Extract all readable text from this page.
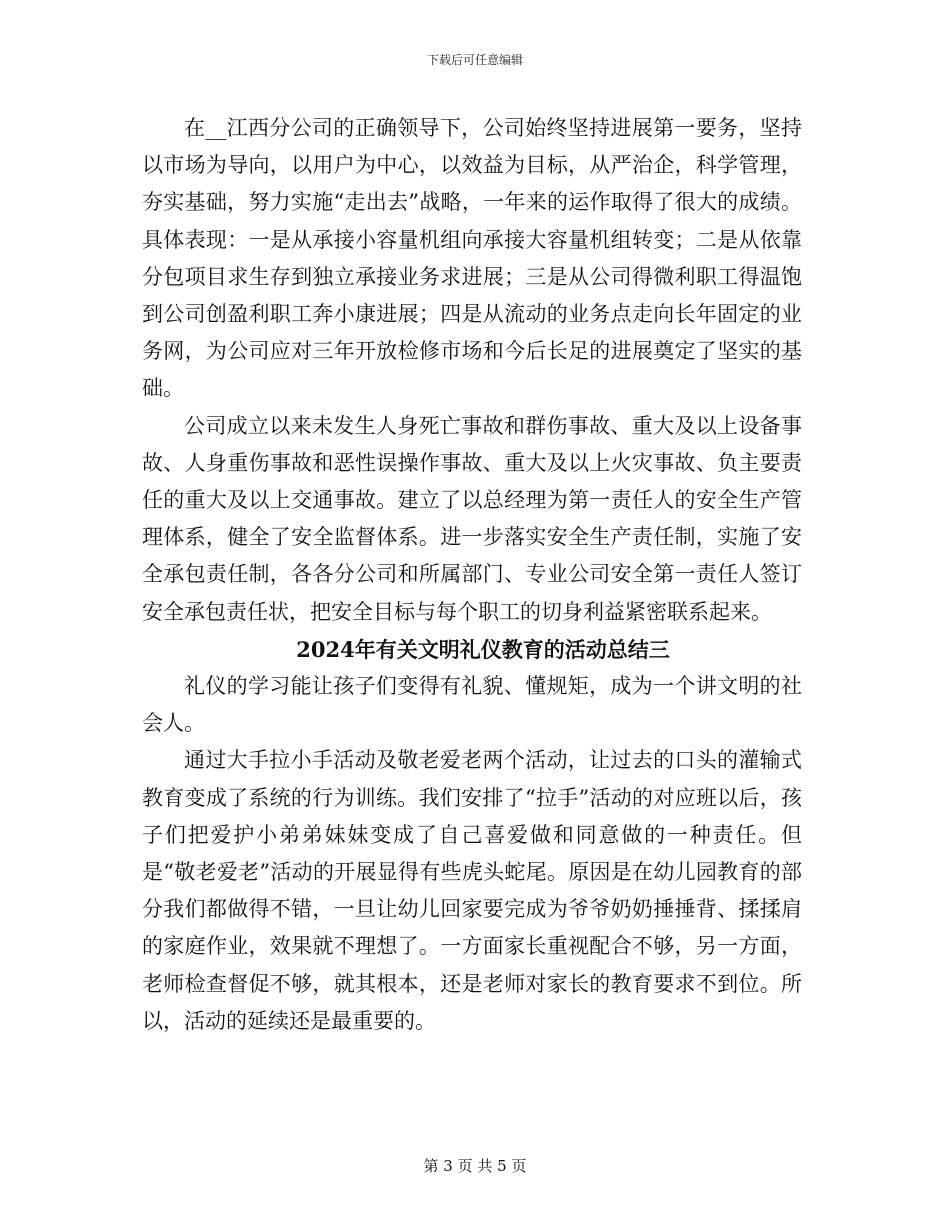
下载后可任意编辑

在__江西分公司的正确领导下，公司始终坚持进展第一要务，坚持以市场为导向，以用户为中心，以效益为目标，从严治企，科学管理，夯实基础，努力实施“走出去”战略，一年来的运作取得了很大的成绩。具体表现：一是从承接小容量机组向承接大容量机组转变；二是从依靠分包项目求生存到独立承接业务求进展；三是从公司得微利职工得温饱到公司创盈利职工奔小康进展；四是从流动的业务点走向长年固定的业务网，为公司应对三年开放检修市场和今后长足的进展奠定了坚实的基础。

公司成立以来未发生人身死亡事故和群伤事故、重大及以上设备事故、人身重伤事故和恶性误操作事故、重大及以上火灾事故、负主要责任的重大及以上交通事故。建立了以总经理为第一责任人的安全生产管理体系，健全了安全监督体系。进一步落实安全生产责任制，实施了安全承包责任制，各各分公司和所属部门、专业公司安全第一责任人签订安全承包责任状，把安全目标与每个职工的切身利益紧密联系起来。

2024年有关文明礼仪教育的活动总结三

礼仪的学习能让孩子们变得有礼貌、懂规矩，成为一个讲文明的社会人。

通过大手拉小手活动及敬老爱老两个活动，让过去的口头的灌输式教育变成了系统的行为训练。我们安排了“拉手”活动的对应班以后，孩子们把爱护小弟弟妹妹变成了自己喜爱做和同意做的一种责任。但是“敬老爱老”活动的开展显得有些虎头蛇尾。原因是在幼儿园教育的部分我们都做得不错，一旦让幼儿回家要完成为爷爷奶奶捶捶背、揉揉肩的家庭作业，效果就不理想了。一方面家长重视配合不够，另一方面，老师检查督促不够，就其根本，还是老师对家长的教育要求不到位。所以，活动的延续还是最重要的。

第 3 页 共 5 页
